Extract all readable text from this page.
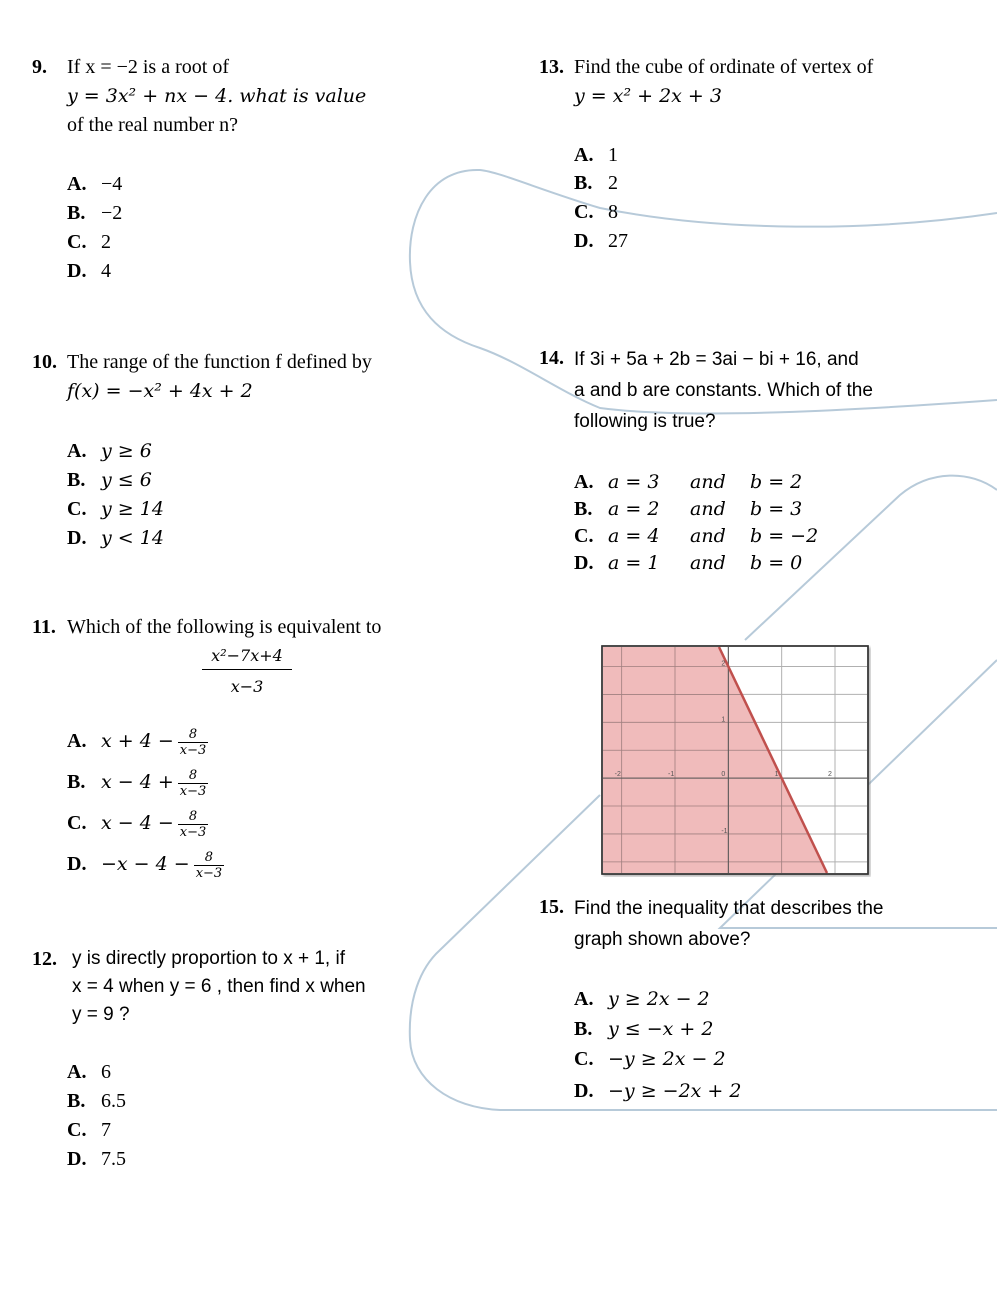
9. If x = −2 is a root of
y = 3x² + nx − 4. what is value
of the real number n?
A. −4
B. −2
C. 2
D. 4
10. The range of the function f defined by
f(x) = −x² + 4x + 2
A. y ≥ 6
B. y ≤ 6
C. y ≥ 14
D. y < 14
11. Which of the following is equivalent to
$\frac{\text{x²−7x+4}}{x-3}$
A. $x + 4 - \frac{8}{x-3}$
B. $x - 4 + \frac{8}{x-3}$
C. $x - 4 - \frac{8}{x-3}$
D. $-x - 4 - \frac{8}{x-3}$
12. y is directly proportion to x + 1, if
x = 4 when y = 6 , then find x when
y = 9 ?
A. 6
B. 6.5
C. 7
D. 7.5
13. Find the cube of ordinate of vertex of
y = x² + 2x + 3
A. 1
B. 2
C. 8
D. 27
14. If 3i + 5a + 2b = 3ai − bi + 16, and
a and b are constants. Which of the
following is true?
A. a = 3 and b = 2
B. a = 2 and b = 3
C. a = 4 and b = −2
D. a = 1 and b = 0
-2	-1	0	1	2
2
1
-1
15. Find the inequality that describes the
graph shown above?
A. y ≥ 2x − 2
B. y ≤ −x + 2
C. −y ≥ 2x − 2
D. −y ≥ −2x + 2
